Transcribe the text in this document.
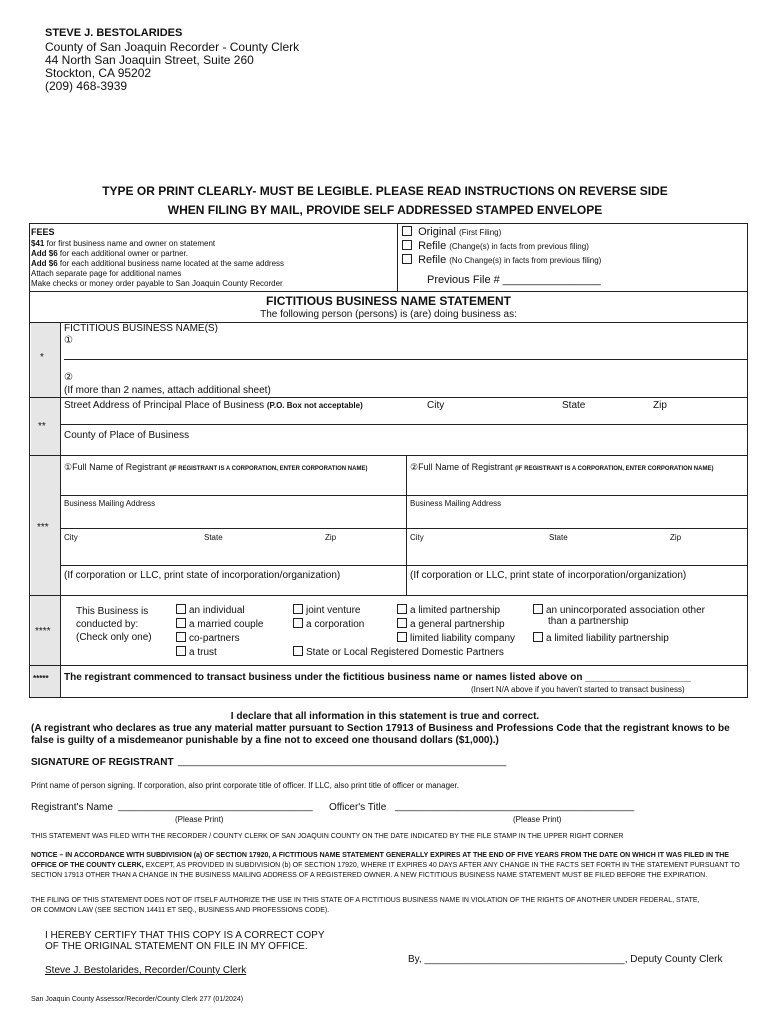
STEVE J. BESTOLARIDES
County of San Joaquin Recorder - County Clerk
44 North San Joaquin Street, Suite 260
Stockton, CA 95202
(209) 468-3939
TYPE OR PRINT CLEARLY- MUST BE LEGIBLE. PLEASE READ INSTRUCTIONS ON REVERSE SIDE
WHEN FILING BY MAIL, PROVIDE SELF ADDRESSED STAMPED ENVELOPE
FEES
$41 for first business name and owner on statement
Add $6 for each additional owner or partner.
Add $6 for each additional business name located at the same address
Attach separate page for additional names
Make checks or money order payable to San Joaquin County Recorder
Original (First Filing)
Refile (Change(s) in facts from previous filing)
Refile (No Change(s) in facts from previous filing)
Previous File # ________________
FICTITIOUS BUSINESS NAME STATEMENT
The following person (persons) is (are) doing business as:
*
FICTITIOUS BUSINESS NAME(S)
①
②
(If more than 2 names, attach additional sheet)
**
Street Address of Principal Place of Business (P.O. Box not acceptable)	City	State	Zip
County of Place of Business
***
①Full Name of Registrant (IF REGISTRANT IS A CORPORATION, ENTER CORPORATION NAME)	②Full Name of Registrant (IF REGISTRANT IS A CORPORATION, ENTER CORPORATION NAME)
Business Mailing Address	Business Mailing Address
City	State	Zip	City	State	Zip
(If corporation or LLC, print state of incorporation/organization)	(If corporation or LLC, print state of incorporation/organization)
****
This Business is
conducted by:
(Check only one)
an individual
a married couple
co-partners
a trust
joint venture
a corporation
State or Local Registered Domestic Partners
a limited partnership
a general partnership
limited liability company
an unincorporated association other
than a partnership
a limited liability partnership
***** The registrant commenced to transact business under the fictitious business name or names listed above on ___________________
(Insert N/A above if you haven't started to transact business)
I declare that all information in this statement is true and correct.
(A registrant who declares as true any material matter pursuant to Section 17913 of Business and Professions Code that the registrant knows to be false is guilty of a misdemeanor punishable by a fine not to exceed one thousand dollars ($1,000).)
SIGNATURE OF REGISTRANT ___________________________________________________________
Print name of person signing. If corporation, also print corporate title of officer. If LLC, also print title of officer or manager.
Registrant's Name ___________________________________ Officer's Title ___________________________________________
(Please Print)	(Please Print)
THIS STATEMENT WAS FILED WITH THE RECORDER / COUNTY CLERK OF SAN JOAQUIN COUNTY ON THE DATE INDICATED BY THE FILE STAMP IN THE UPPER RIGHT CORNER
NOTICE – IN ACCORDANCE WITH SUBDIVISION (a) OF SECTION 17920, A FICTITIOUS NAME STATEMENT GENERALLY EXPIRES AT THE END OF FIVE YEARS FROM THE DATE ON WHICH IT WAS FILED IN THE OFFICE OF THE COUNTY CLERK, EXCEPT, AS PROVIDED IN SUBDIVISION (b) OF SECTION 17920, WHERE IT EXPIRES 40 DAYS AFTER ANY CHANGE IN THE FACTS SET FORTH IN THE STATEMENT PURSUANT TO SECTION 17913 OTHER THAN A CHANGE IN THE BUSINESS MAILING ADDRESS OF A REGISTERED OWNER. A NEW FICTITIOUS BUSINESS NAME STATEMENT MUST BE FILED BEFORE THE EXPIRATION.
THE FILING OF THIS STATEMENT DOES NOT OF ITSELF AUTHORIZE THE USE IN THIS STATE OF A FICTITIOUS BUSINESS NAME IN VIOLATION OF THE RIGHTS OF ANOTHER UNDER FEDERAL, STATE, OR COMMON LAW (SEE SECTION 14411 ET SEQ., BUSINESS AND PROFESSIONS CODE).
I HEREBY CERTIFY THAT THIS COPY IS A CORRECT COPY
OF THE ORIGINAL STATEMENT ON FILE IN MY OFFICE.
Steve J. Bestolarides, Recorder/County Clerk
By, ____________________________________, Deputy County Clerk
San Joaquin County Assessor/Recorder/County Clerk 277 (01/2024)
